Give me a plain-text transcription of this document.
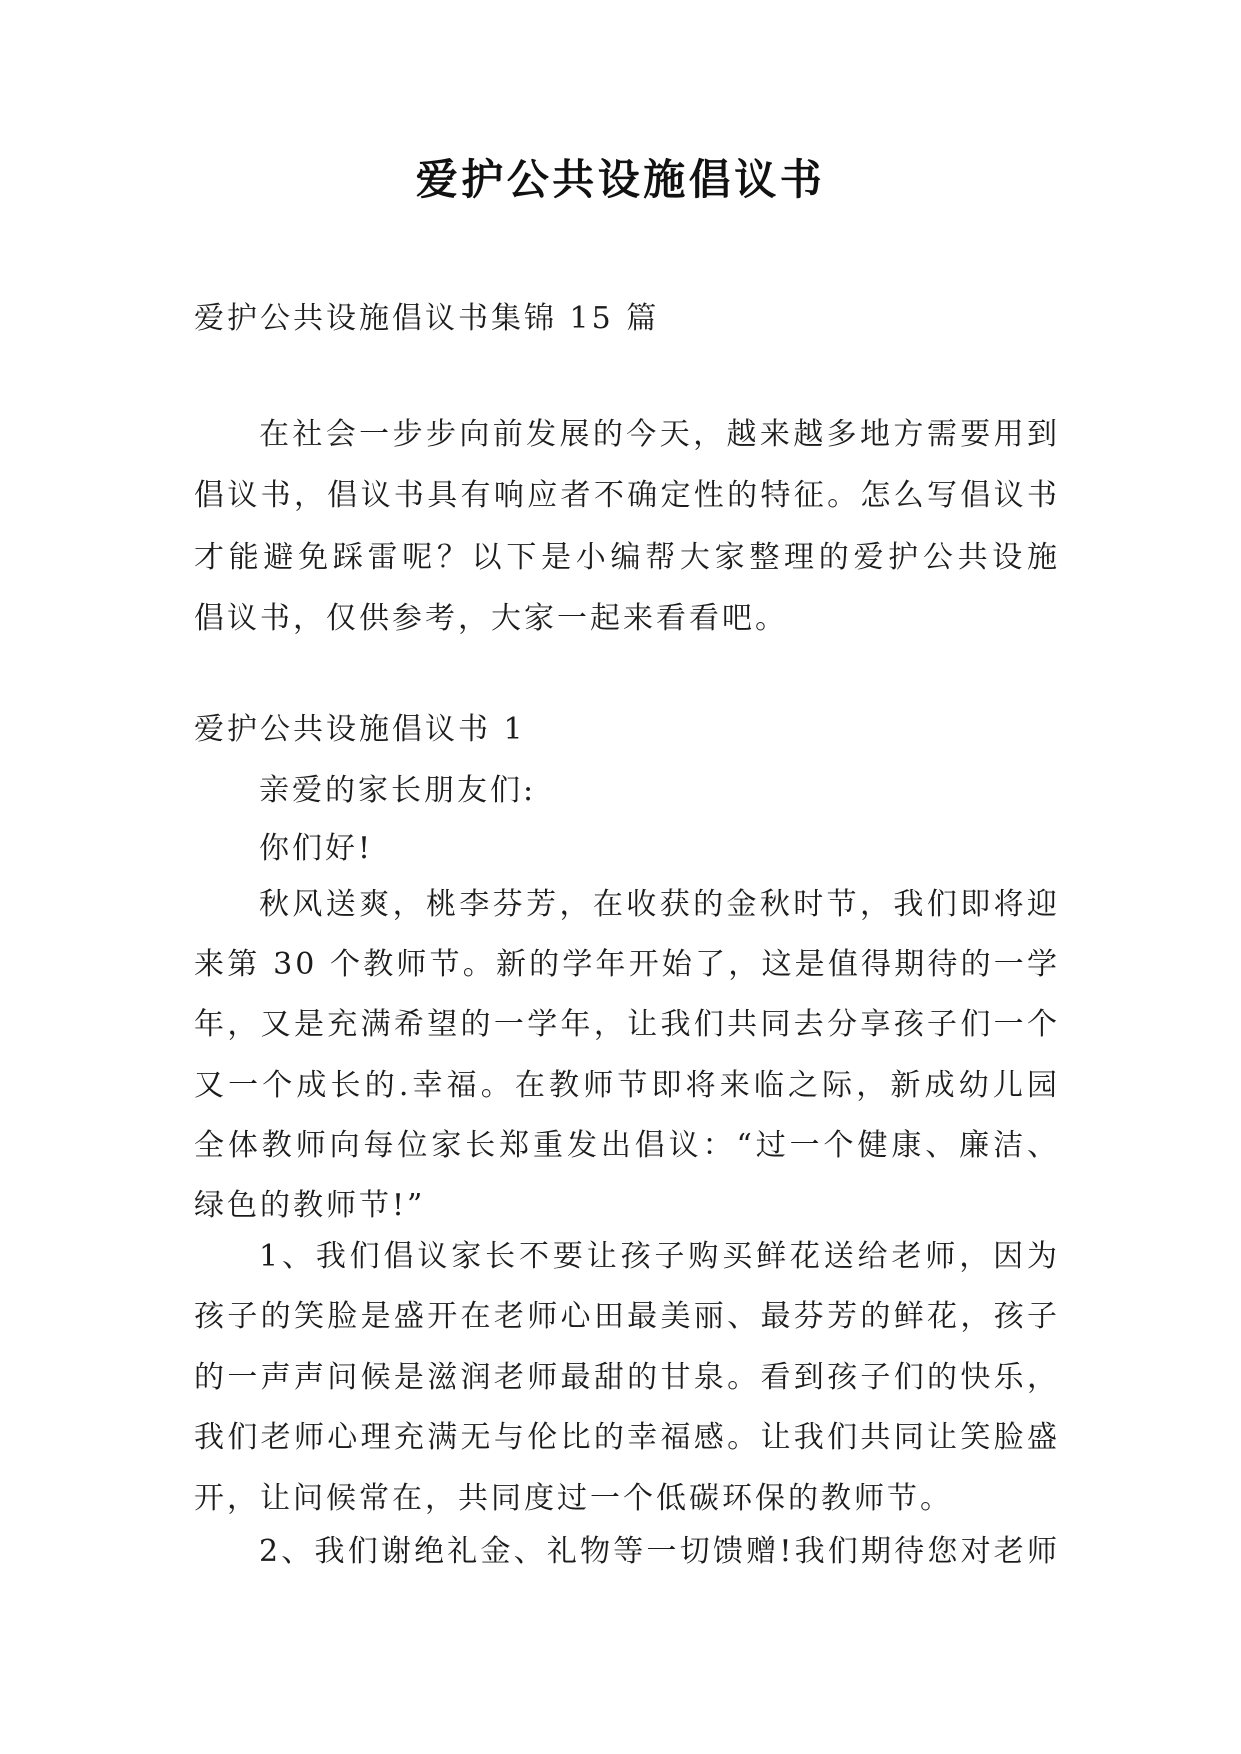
爱护公共设施倡议书
爱护公共设施倡议书集锦 15 篇
在社会一步步向前发展的今天，越来越多地方需要用到
倡议书，倡议书具有响应者不确定性的特征。怎么写倡议书
才能避免踩雷呢？以下是小编帮大家整理的爱护公共设施
倡议书，仅供参考，大家一起来看看吧。
爱护公共设施倡议书 1
亲爱的家长朋友们:
你们好!
秋风送爽，桃李芬芳，在收获的金秋时节，我们即将迎
来第 30 个教师节。新的学年开始了，这是值得期待的一学
年，又是充满希望的一学年，让我们共同去分享孩子们一个
又一个成长的.幸福。在教师节即将来临之际，新成幼儿园
全体教师向每位家长郑重发出倡议：“过一个健康、廉洁、
绿色的教师节!”
1、我们倡议家长不要让孩子购买鲜花送给老师，因为
孩子的笑脸是盛开在老师心田最美丽、最芬芳的鲜花，孩子
的一声声问候是滋润老师最甜的甘泉。看到孩子们的快乐，
我们老师心理充满无与伦比的幸福感。让我们共同让笑脸盛
开，让问候常在，共同度过一个低碳环保的教师节。
2、我们谢绝礼金、礼物等一切馈赠!我们期待您对老师
